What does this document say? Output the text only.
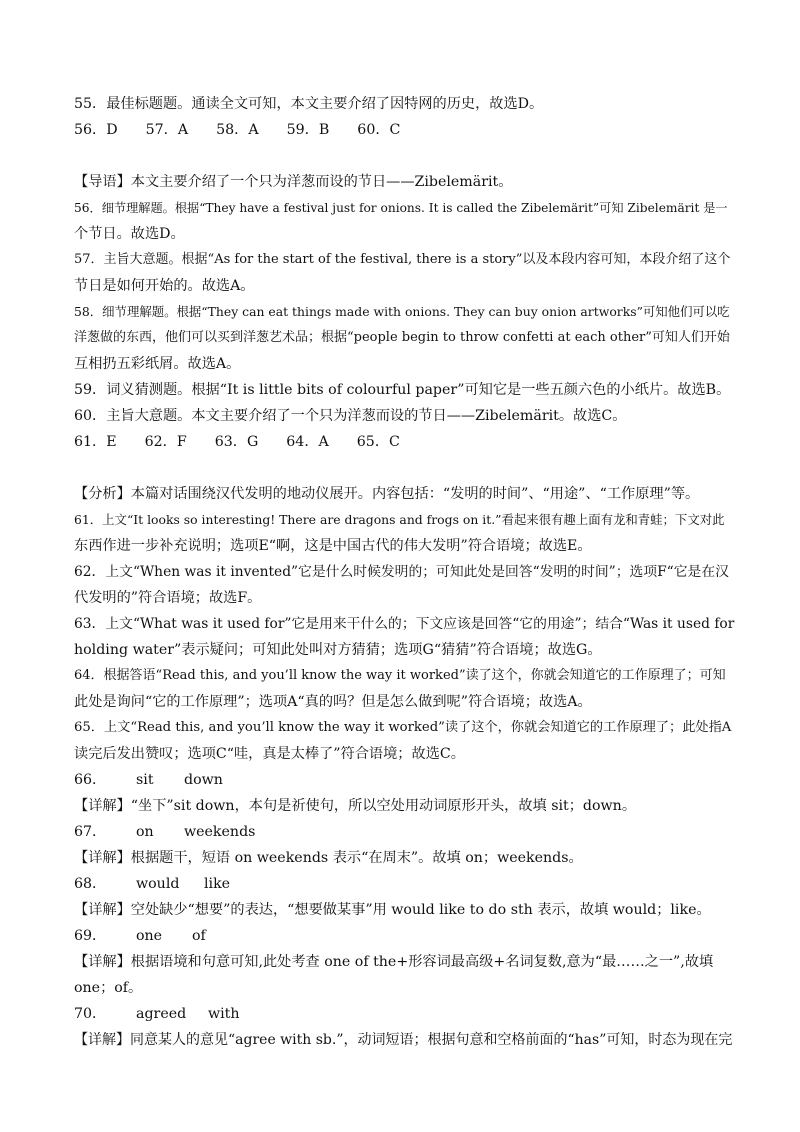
55．最佳标题题。通读全文可知，本文主要介绍了因特网的历史，故选D。
56．D 57．A 58．A 59．B 60．C
【导语】本文主要介绍了一个只为洋葱而设的节日——Zibelemärit。
56．细节理解题。根据“They have a festival just for onions. It is called the Zibelemärit”可知 Zibelemärit 是一
个节日。故选D。
57．主旨大意题。根据“As for the start of the festival, there is a story”以及本段内容可知，本段介绍了这个
节日是如何开始的。故选A。
58．细节理解题。根据“They can eat things made with onions. They can buy onion artworks”可知他们可以吃
洋葱做的东西，他们可以买到洋葱艺术品；根据“people begin to throw confetti at each other”可知人们开始
互相扔五彩纸屑。故选A。
59．词义猜测题。根据“It is little bits of colourful paper”可知它是一些五颜六色的小纸片。故选B。
60．主旨大意题。本文主要介绍了一个只为洋葱而设的节日——Zibelemärit。故选C。
61．E 62．F 63．G 64．A 65．C
【分析】本篇对话围绕汉代发明的地动仪展开。内容包括：“发明的时间”、“用途”、“工作原理”等。
61．上文“It looks so interesting! There are dragons and frogs on it.”看起来很有趣上面有龙和青蛙；下文对此
东西作进一步补充说明；选项E“啊，这是中国古代的伟大发明”符合语境；故选E。
62．上文“When was it invented”它是什么时候发明的；可知此处是回答“发明的时间”；选项F“它是在汉
代发明的”符合语境；故选F。
63．上文“What was it used for”它是用来干什么的；下文应该是回答“它的用途”；结合“Was it used for
holding water”表示疑问；可知此处叫对方猜猜；选项G“猜猜”符合语境；故选G。
64．根据答语“Read this, and you’ll know the way it worked”读了这个，你就会知道它的工作原理了；可知
此处是询问“它的工作原理”；选项A“真的吗？但是怎么做到呢”符合语境；故选A。
65．上文“Read this, and you’ll know the way it worked”读了这个，你就会知道它的工作原理了；此处指A
读完后发出赞叹；选项C“哇，真是太棒了”符合语境；故选C。
66． sit down
【详解】“坐下”sit down，本句是祈使句，所以空处用动词原形开头，故填 sit；down。
67． on weekends
【详解】根据题干，短语 on weekends 表示“在周末”。故填 on；weekends。
68． would like
【详解】空处缺少“想要”的表达，“想要做某事”用 would like to do sth 表示，故填 would；like。
69． one of
【详解】根据语境和句意可知,此处考查 one of the+形容词最高级+名词复数,意为“最……之一”,故填
one；of。
70． agreed with
【详解】同意某人的意见“agree with sb.”，动词短语；根据句意和空格前面的“has”可知，时态为现在完
